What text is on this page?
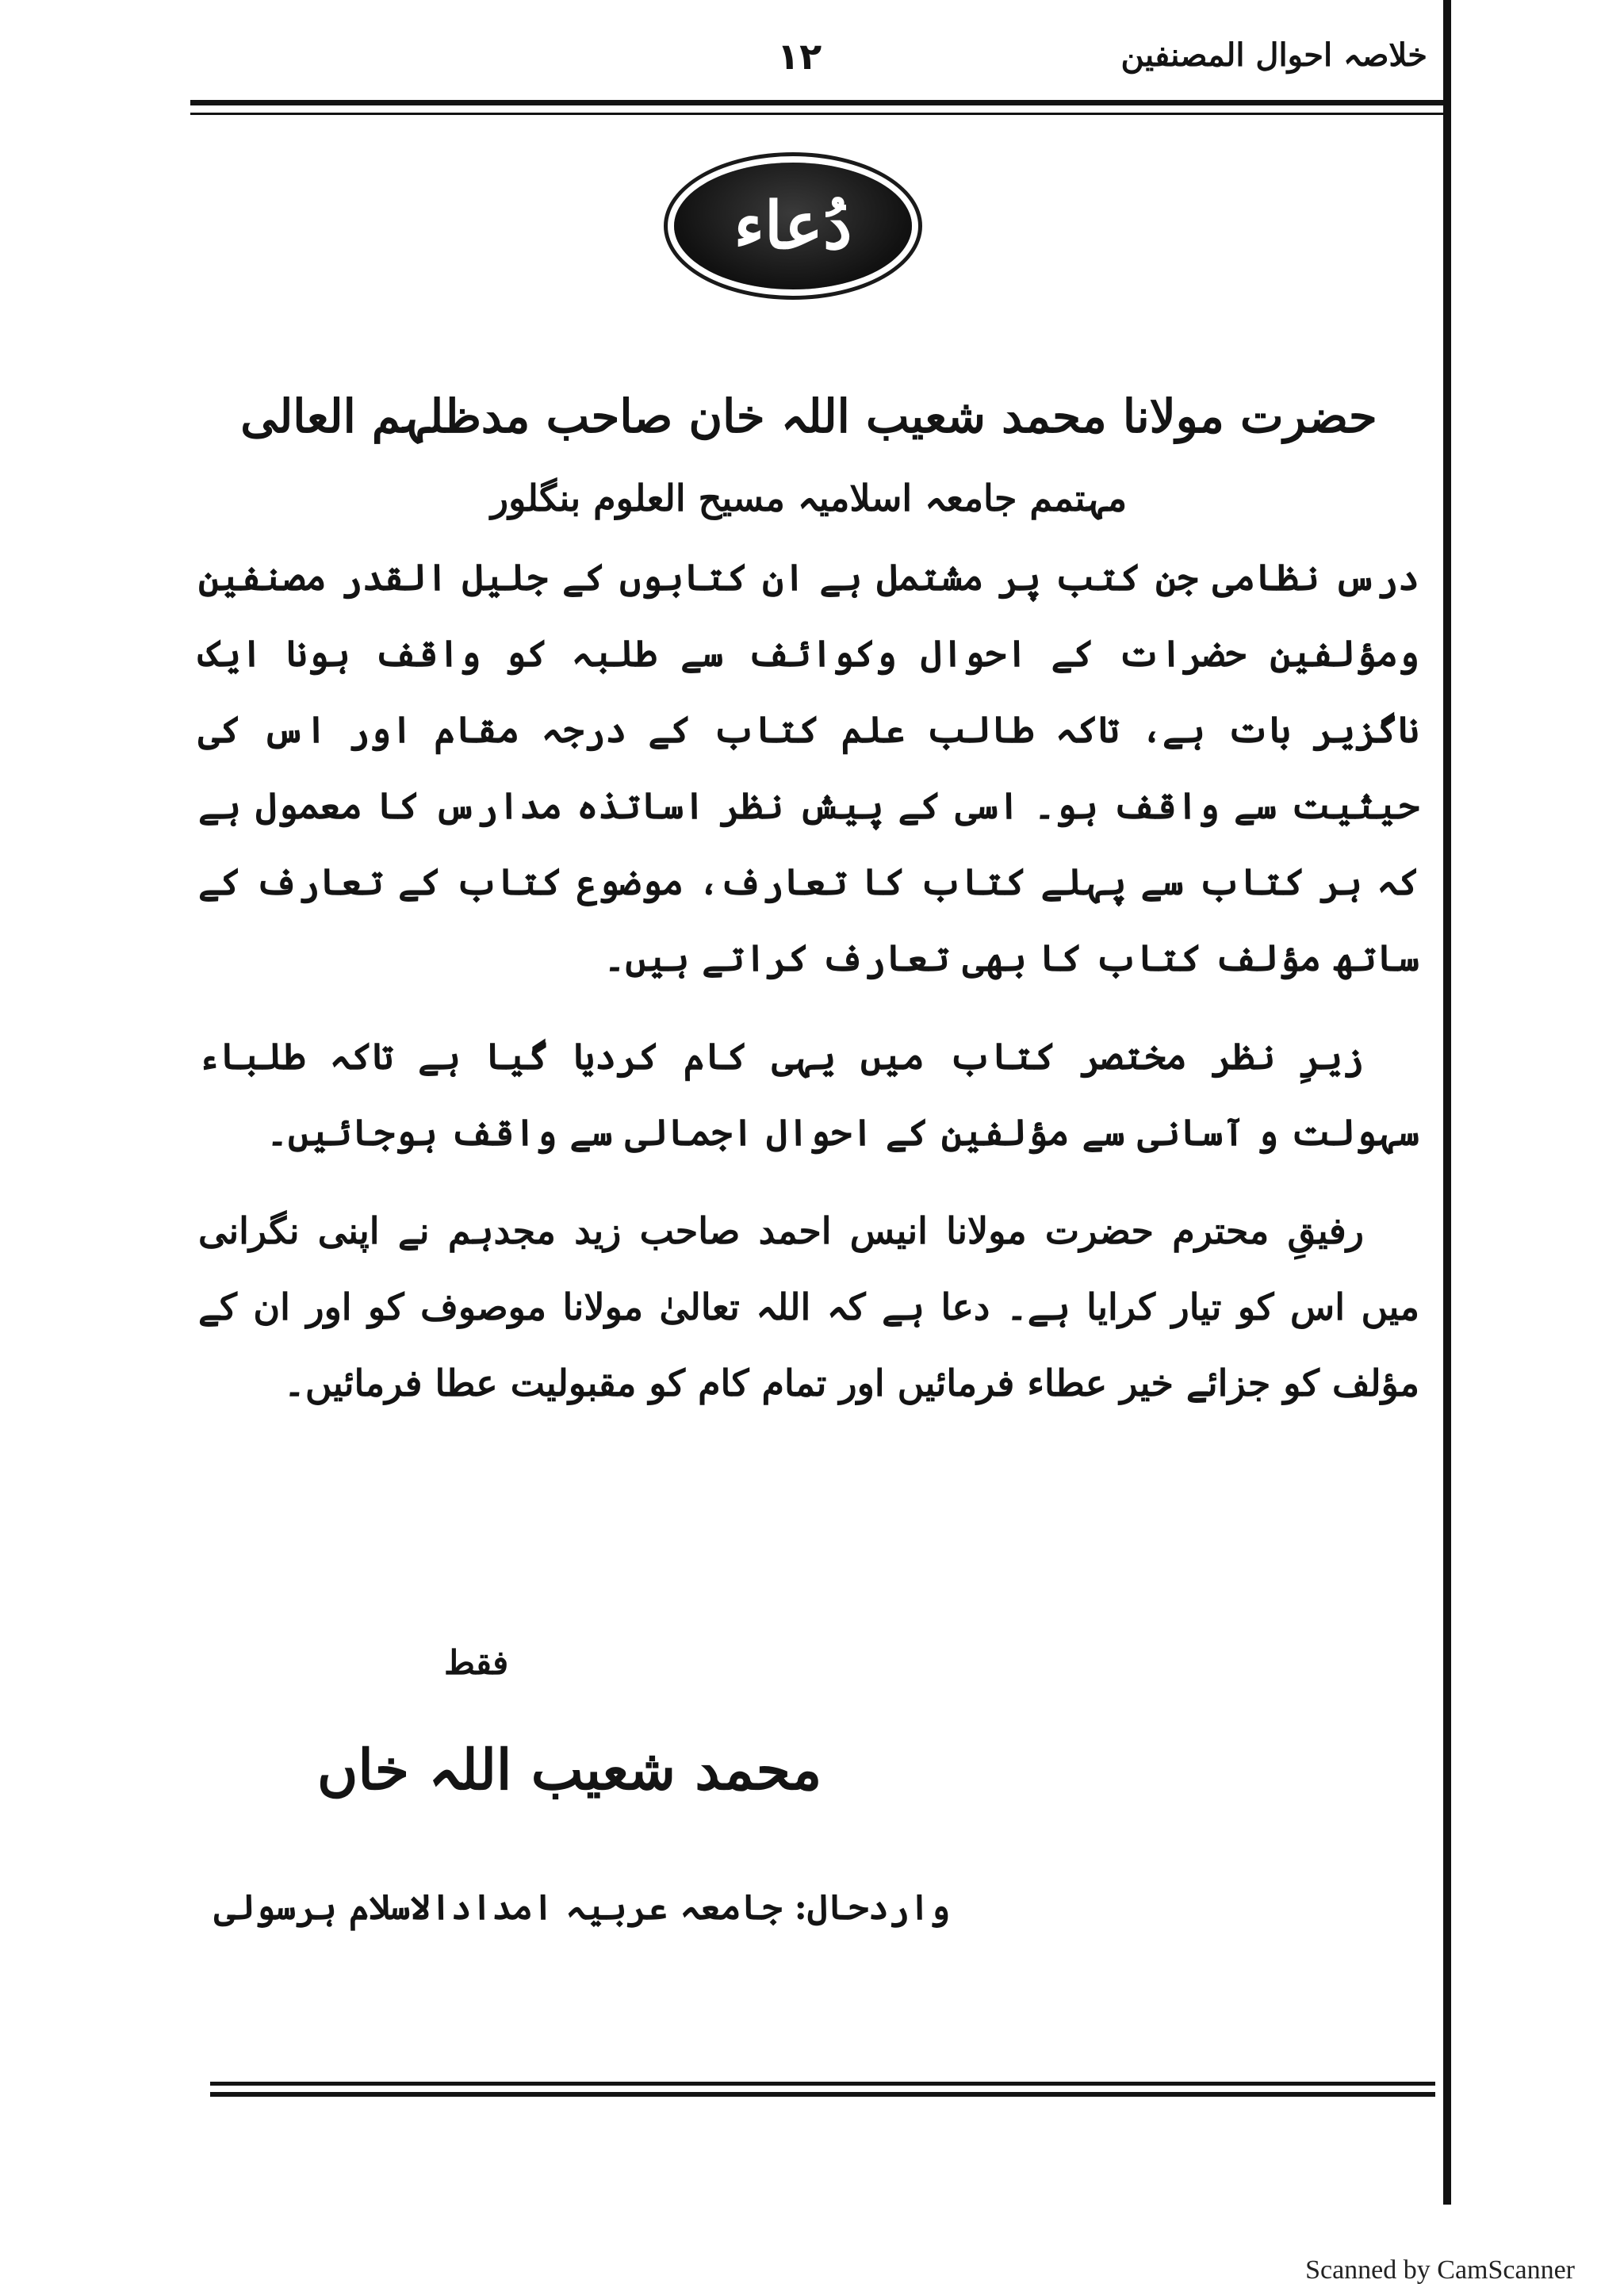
خلاصہ احوال المصنفین
۱۲
دُعاء
حضرت مولانا محمد شعیب اللہ خان صاحب مدظلہم العالی
مہتمم جامعہ اسلامیہ مسیح العلوم بنگلور

درس نظامی جن کتب پر مشتمل ہے ان کتابوں کے جلیل القدر مصنفین ومؤلفین حضرات کے احوال وکوائف سے طلبہ کو واقف ہونا ایک ناگزیر بات ہے، تاکہ طالب علم کتاب کے درجہ مقام اور اس کی حیثیت سے واقف ہو۔ اسی کے پیش نظر اساتذہ مدارس کا معمول ہے کہ ہر کتاب سے پہلے کتاب کا تعارف، موضوع کتاب کے تعارف کے ساتھ مؤلف کتاب کا بھی تعارف کراتے ہیں۔

زیرِ نظر مختصر کتاب میں یہی کام کردیا گیا ہے تاکہ طلباء سہولت و آسانی سے مؤلفین کے احوال اجمالی سے واقف ہوجائیں۔

رفیقِ محترم حضرت مولانا انیس احمد صاحب زید مجدہم نے اپنی نگرانی میں اس کو تیار کرایا ہے۔ دعا ہے کہ اللہ تعالیٰ مولانا موصوف کو اور ان کے مؤلف کو جزائے خیر عطاء فرمائیں اور تمام کام کو مقبولیت عطا فرمائیں۔

فقط
محمد شعیب اللہ خاں
واردحال: جامعہ عربیہ امدادالاسلام ہرسولی
Scanned by CamScanner
